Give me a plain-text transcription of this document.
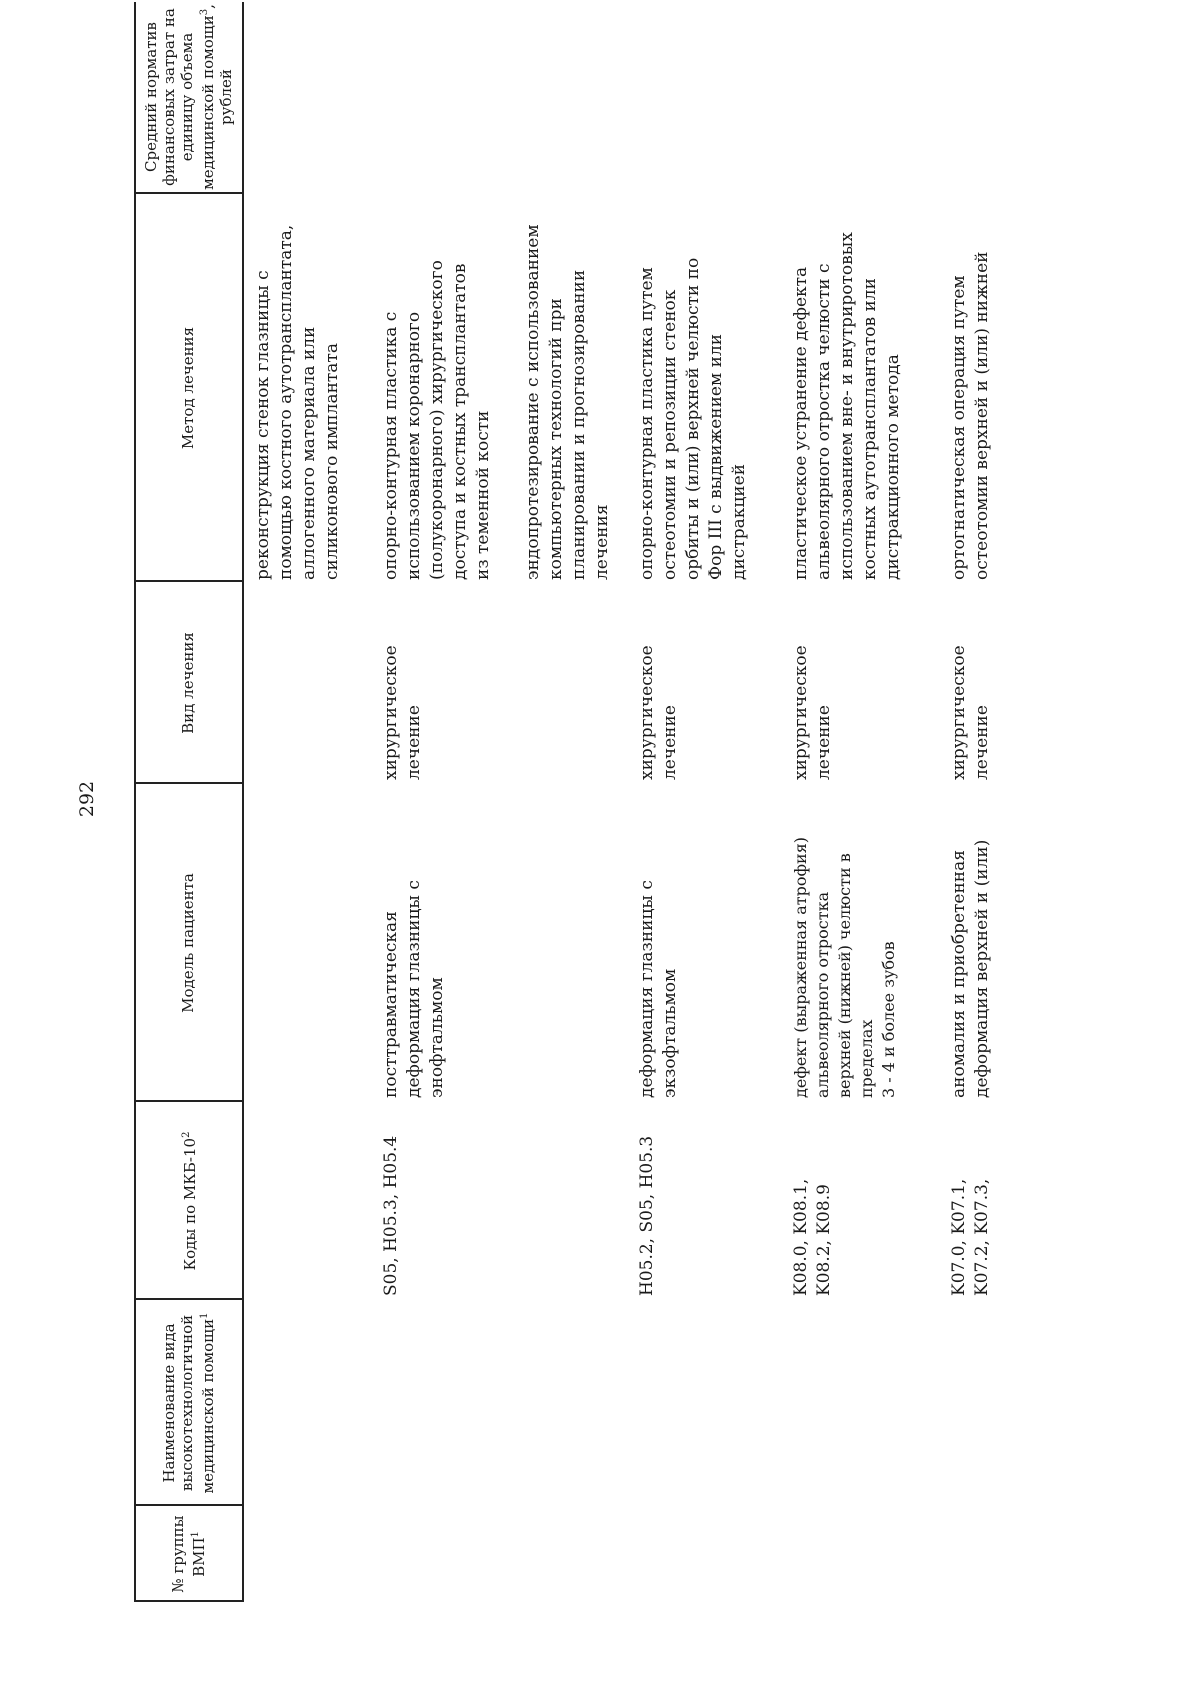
292
№ группы ВМП$^1$
Наименование вида высокотехнологичной медицинской помощи$^1$
Коды по МКБ-$10^2$
Модель пациента
Вид лечения
Метод лечения
Средний норматив финансовых затрат на единицу объема медицинской помощи$^3$, рублей
реконструкция стенок глазницы с
помощью костного аутотрансплантата,
аллогенного материала или
силиконового имплантата
S05, H05.3, H05.4
посттравматическая
деформация глазницы с
энофтальмом
хирургическое
лечение
опорно-контурная пластика с
использованием коронарного
(полукоронарного) хирургического
доступа и костных трансплантатов
из теменной кости эндопротезирование с использованием
компьютерных технологий при
планировании и прогнозировании
лечения
H05.2, S05, H05.3
деформация глазницы с
экзофтальмом
хирургическое
лечение
опорно-контурная пластика путем
остеотомии и репозиции стенок
орбиты и (или) верхней челюсти по
Фор III с выдвижением или
дистракцией
K08.0, K08.1,
K08.2, K08.9
дефект (выраженная атрофия)
альвеолярного отростка
верхней (нижней) челюсти в
пределах
3 - 4 и более зубов
хирургическое
лечение
пластическое устранение дефекта
альвеолярного отростка челюсти с
использованием вне- и внутриротовых
костных аутотрансплантатов или
дистракционного метода
K07.0, K07.1,
K07.2, K07.3,
аномалия и приобретенная
деформация верхней и (или)
хирургическое
лечение
ортогнатическая операция путем
остеотомии верхней и (или) нижней
